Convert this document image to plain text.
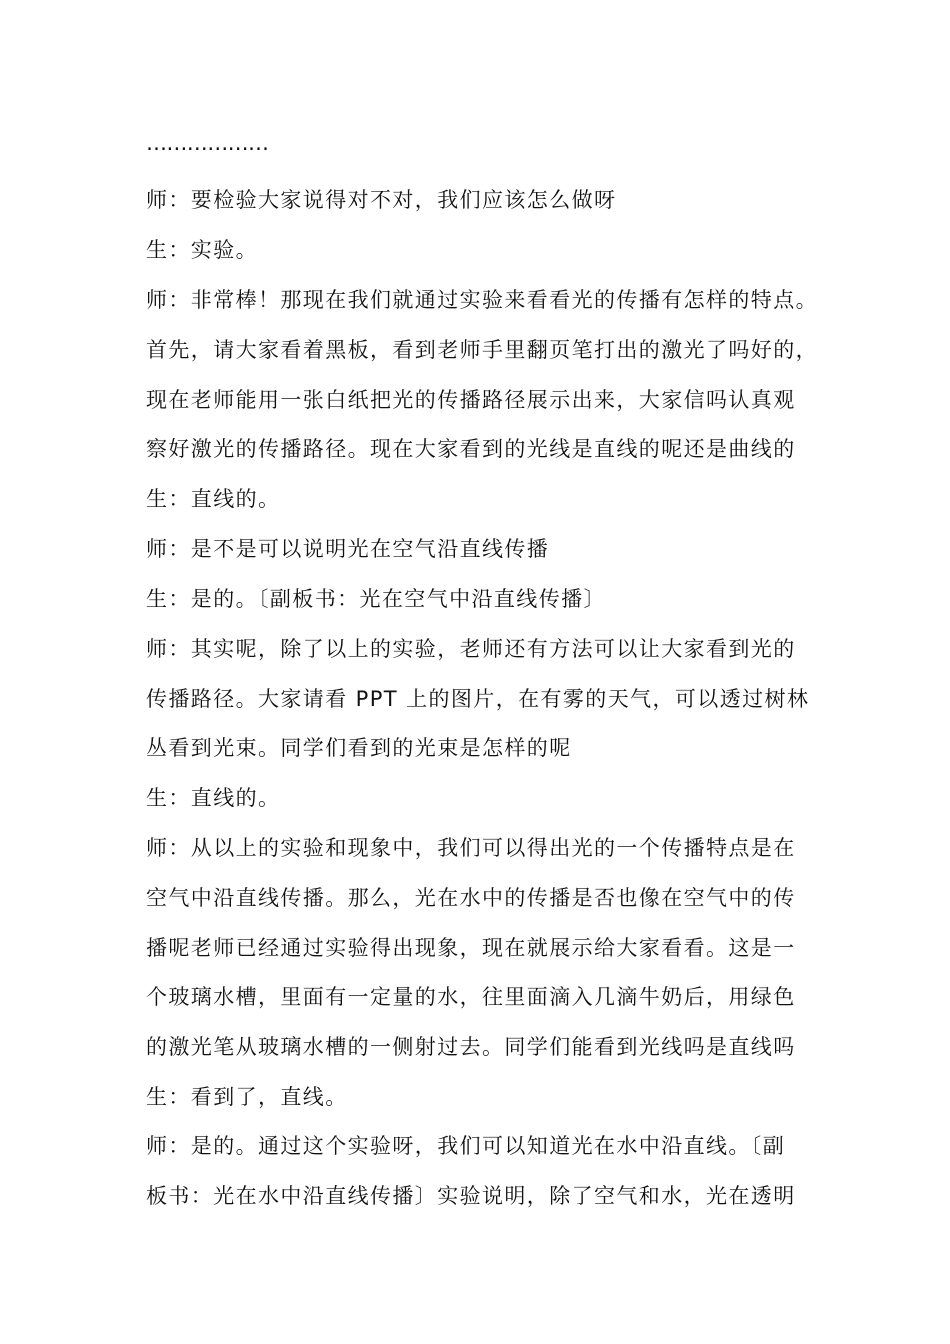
………………
师：要检验大家说得对不对，我们应该怎么做呀
生：实验。
师：非常棒！那现在我们就通过实验来看看光的传播有怎样的特点。
首先，请大家看着黑板，看到老师手里翻页笔打出的激光了吗好的，
现在老师能用一张白纸把光的传播路径展示出来，大家信吗认真观
察好激光的传播路径。现在大家看到的光线是直线的呢还是曲线的
生：直线的。
师：是不是可以说明光在空气沿直线传播
生：是的。〔副板书：光在空气中沿直线传播〕
师：其实呢，除了以上的实验，老师还有方法可以让大家看到光的
传播路径。大家请看 PPT 上的图片，在有雾的天气，可以透过树林
丛看到光束。同学们看到的光束是怎样的呢
生：直线的。
师：从以上的实验和现象中，我们可以得出光的一个传播特点是在
空气中沿直线传播。那么，光在水中的传播是否也像在空气中的传
播呢老师已经通过实验得出现象，现在就展示给大家看看。这是一
个玻璃水槽，里面有一定量的水，往里面滴入几滴牛奶后，用绿色
的激光笔从玻璃水槽的一侧射过去。同学们能看到光线吗是直线吗
生：看到了，直线。
师：是的。通过这个实验呀，我们可以知道光在水中沿直线。〔副
板书：光在水中沿直线传播〕实验说明，除了空气和水，光在透明
